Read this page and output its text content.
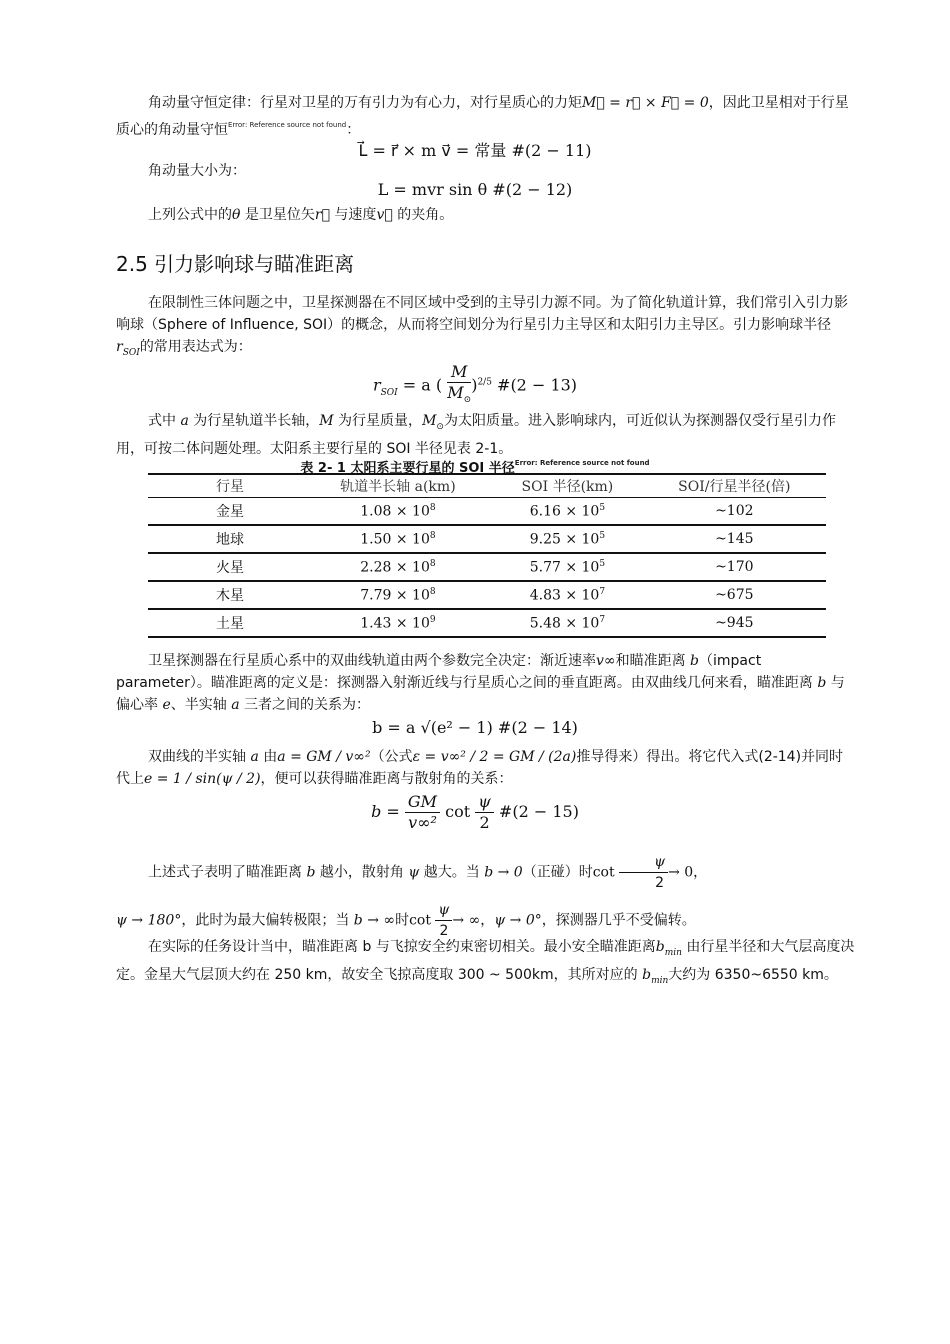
角动量守恒定律：行星对卫星的万有引力为有心力，对行星质心的力矩M⃗ = r⃗ × F⃗ = 0，因此卫星相对于行星质心的角动量守恒$^{Error: Reference source not found}$：
L⃗ = r⃗ × m v⃗ = 常量 #(2 − 11)
角动量大小为：
L = mvr sin θ #(2 − 12)
上列公式中的θ 是卫星位矢r⃗ 与速度v⃗ 的夹角。
2.5 引力影响球与瞄准距离
在限制性三体问题之中，卫星探测器在不同区域中受到的主导引力源不同。为了简化轨道计算，我们常引入引力影响球（Sphere of Influence, SOI）的概念，从而将空间划分为行星引力主导区和太阳引力主导区。引力影响球半径 $r_{SOI}$的常用表达式为：
$r_{SOI} = a$ ( $\frac{M}{M_⊙} )^{2/5}$ #(2 − 13)
式中 a 为行星轨道半长轴，M 为行星质量，$M_⊙$为太阳质量。进入影响球内，可近似认为探测器仅受行星引力作用，可按二体问题处理。太阳系主要行星的 SOI 半径见表 2-1。
表 2- 1 太阳系主要行星的 SOI 半径$^{Error: Reference source not found}$
行星	轨道半长轴 a(km)	SOI 半径(km)	SOI/行星半径(倍)
金星	$1.08 \times 10^8$	$6.16 \times 10^5$	~102
地球	$1.50 \times 10^8$	$9.25 \times 10^5$	~145
火星	$2.28 \times 10^8$	$5.77 \times 10^5$	~170
木星	$7.79 \times 10^8$	$4.83 \times 10^7$	~675
土星	$1.43 \times 10^9$	$5.48 \times 10^7$	~945
卫星探测器在行星质心系中的双曲线轨道由两个参数完全决定：渐近速率v∞和瞄准距离 b（impact parameter）。瞄准距离的定义是：探测器入射渐近线与行星质心之间的垂直距离。由双曲线几何来看，瞄准距离 b 与偏心率 e、半实轴 a 三者之间的关系为：
b = a √(e² − 1) #(2 − 14)
双曲线的半实轴 a 由a = GM / v∞²（公式ε = v∞² / 2 = GM / (2a)推导得来）得出。将它代入式(2-14)并同时代上e = 1 / sin(ψ / 2)，便可以获得瞄准距离与散射角的关系：
$b = \frac{GM}{\text{v∞²}}$ $\cot \frac{\psi}{2}$ #(2 − 15)
上述式子表明了瞄准距离 b 越小，散射角 ψ 越大。当 b → 0（正碰）时$\cot \frac{\psi}{2} \to 0$，
ψ → 180°，此时为最大偏转极限；当 b → ∞时$\cot \frac{\psi}{2}$ → ∞，ψ → 0°，探测器几乎不受偏转。
在实际的任务设计当中，瞄准距离 b 与飞掠安全约束密切相关。最小安全瞄准距离$b_{min}$ 由行星半径和大气层高度决定。金星大气层顶大约在 250 km，故安全飞掠高度取 300 ~ 500km，其所对应的 $b_{min}$大约为 6350~6550 km。
